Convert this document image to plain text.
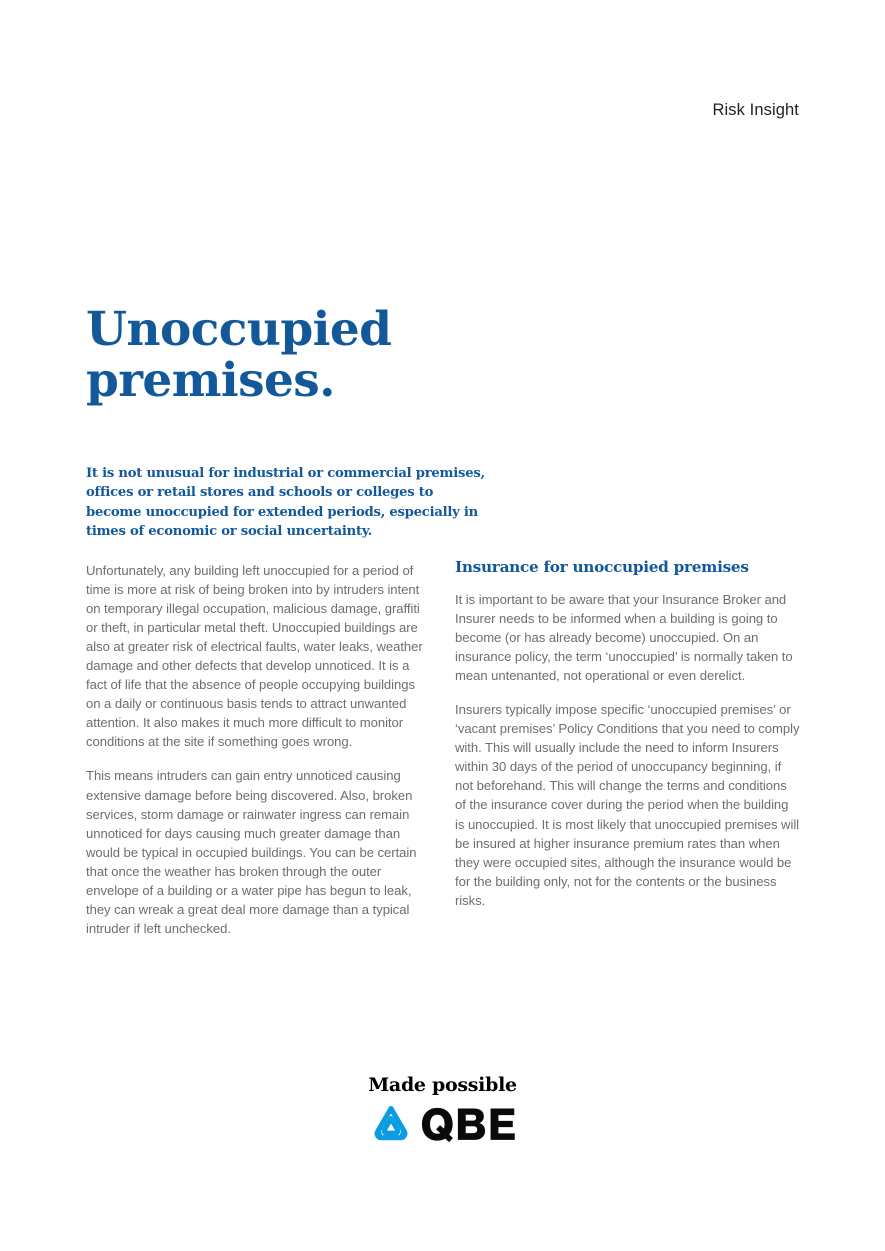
Risk Insight
Unoccupied
premises.
It is not unusual for industrial or commercial premises, offices or retail stores and schools or colleges to become unoccupied for extended periods, especially in times of economic or social uncertainty.

Unfortunately, any building left unoccupied for a period of time is more at risk of being broken into by intruders intent on temporary illegal occupation, malicious damage, graffiti or theft, in particular metal theft. Unoccupied buildings are also at greater risk of electrical faults, water leaks, weather damage and other defects that develop unnoticed. It is a fact of life that the absence of people occupying buildings on a daily or continuous basis tends to attract unwanted attention. It also makes it much more difficult to monitor conditions at the site if something goes wrong.

This means intruders can gain entry unnoticed causing extensive damage before being discovered. Also, broken services, storm damage or rainwater ingress can remain unnoticed for days causing much greater damage than would be typical in occupied buildings. You can be certain that once the weather has broken through the outer envelope of a building or a water pipe has begun to leak, they can wreak a great deal more damage than a typical intruder if left unchecked.

Insurance for unoccupied premises

It is important to be aware that your Insurance Broker and Insurer needs to be informed when a building is going to become (or has already become) unoccupied. On an insurance policy, the term ‘unoccupied’ is normally taken to mean untenanted, not operational or even derelict.

Insurers typically impose specific ‘unoccupied premises’ or ‘vacant premises’ Policy Conditions that you need to comply with. This will usually include the need to inform Insurers within 30 days of the period of unoccupancy beginning, if not beforehand. This will change the terms and conditions of the insurance cover during the period when the building is unoccupied. It is most likely that unoccupied premises will be insured at higher insurance premium rates than when they were occupied sites, although the insurance would be for the building only, not for the contents or the business risks.

Made possible
